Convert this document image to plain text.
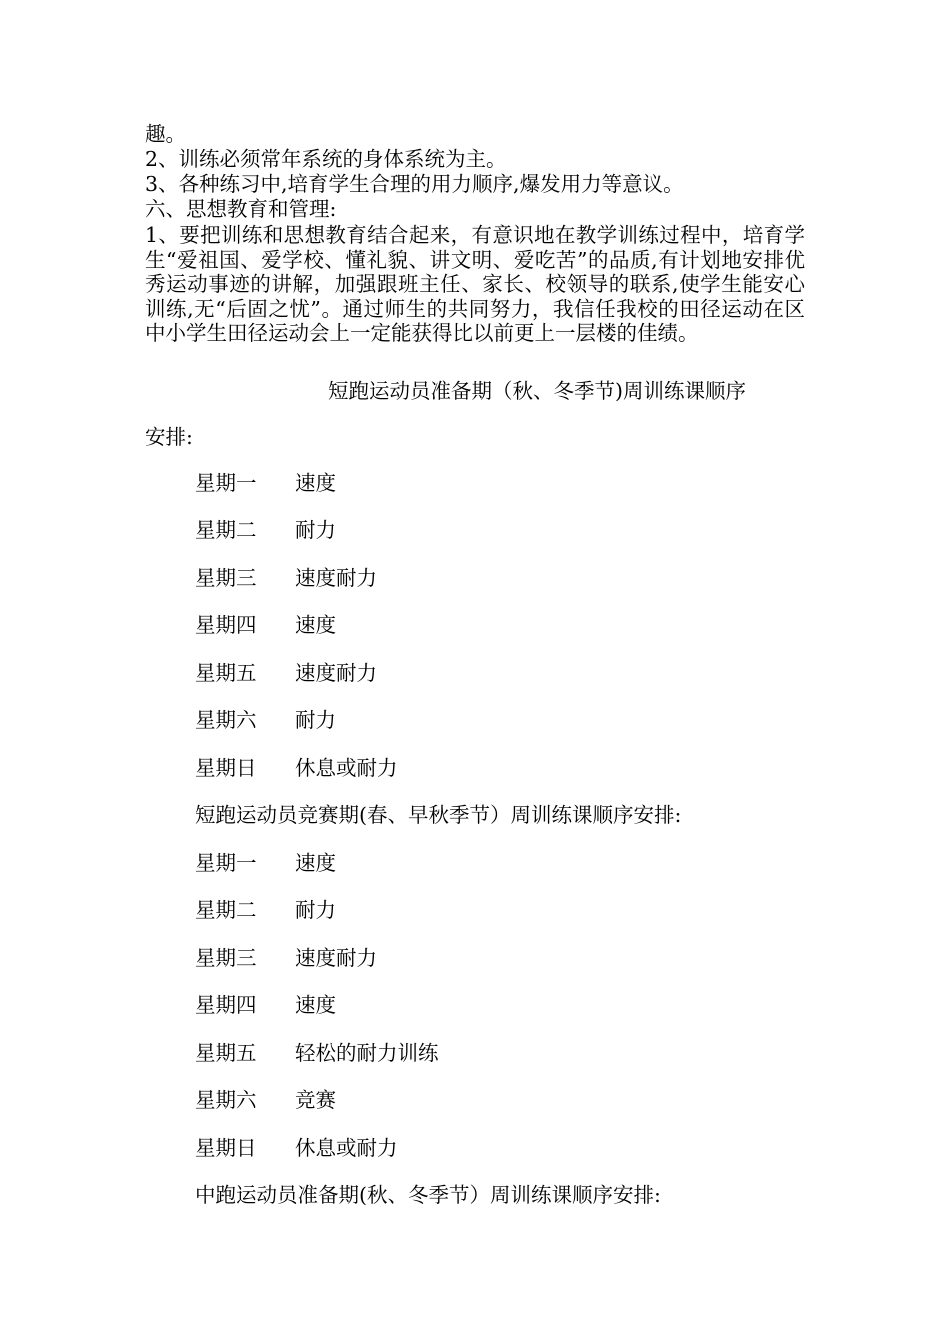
趣。
2、训练必须常年系统的身体系统为主。
3、各种练习中,培育学生合理的用力顺序,爆发用力等意议。
六、思想教育和管理:

1、要把训练和思想教育结合起来，有意识地在教学训练过程中，培育学生“爱祖国、爱学校、懂礼貌、讲文明、爱吃苦”的品质,有计划地安排优秀运动事迹的讲解，加强跟班主任、家长、校领导的联系,使学生能安心训练,无“后固之忧”。通过师生的共同努力，我信任我校的田径运动在区中小学生田径运动会上一定能获得比以前更上一层楼的佳绩。

短跑运动员准备期（秋、冬季节)周训练课顺序
安排:
星期一 速度
星期二 耐力
星期三 速度耐力
星期四 速度
星期五 速度耐力
星期六 耐力
星期日 休息或耐力
短跑运动员竞赛期(春、早秋季节）周训练课顺序安排:
星期一 速度
星期二 耐力
星期三 速度耐力
星期四 速度
星期五 轻松的耐力训练
星期六 竞赛
星期日 休息或耐力
中跑运动员准备期(秋、冬季节）周训练课顺序安排:
